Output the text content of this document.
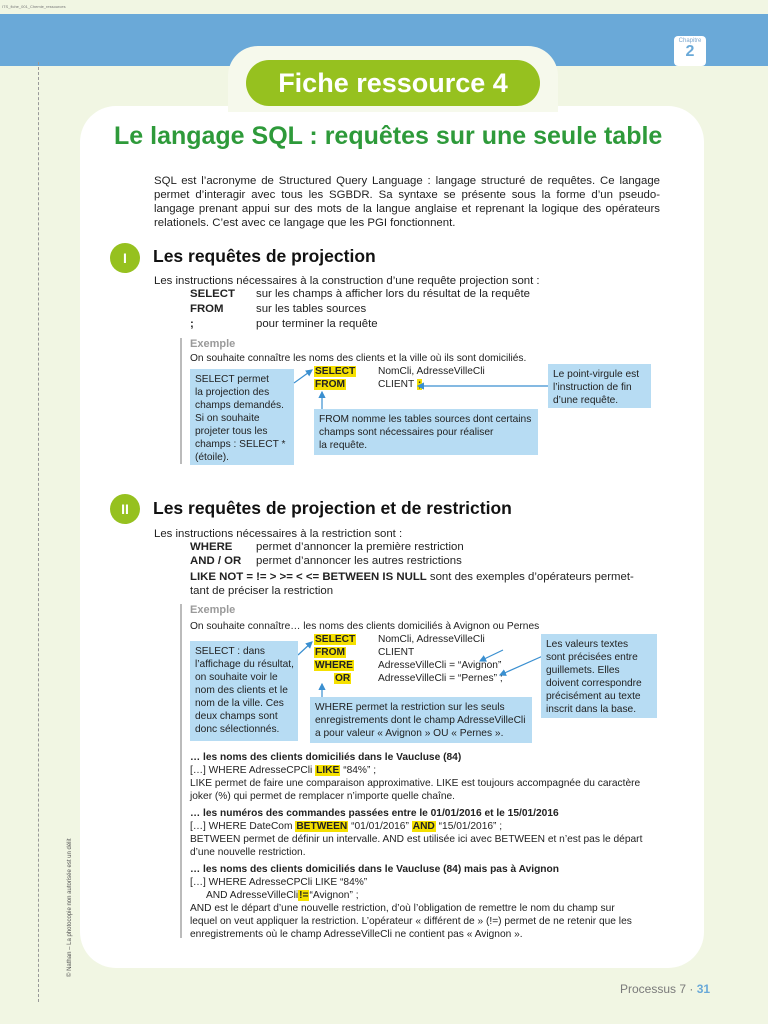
ITS_fiche_001_Chemie_ressources
Chapitre
2
© Nathan – La photocopie non autorisée est un délit
Fiche ressource 4
Le langage SQL : requêtes sur une seule table
SQL est l’acronyme de Structured Query Language : langage structuré de requêtes. Ce langage permet d’interagir avec tous les SGBDR. Sa syntaxe se présente sous la forme d’un pseudo-langage prenant appui sur des mots de la langue anglaise et reprenant la logique des opérateurs relationels. C’est avec ce langage que les PGI fonctionnent.
I	Les requêtes de projection
Les instructions nécessaires à la construction d’une requête projection sont :
SELECT sur les champs à afficher lors du résultat de la requête
FROM	sur les tables sources
;	pour terminer la requête
Exemple
On souhaite connaître les noms des clients et la ville où ils sont domiciliés.
SELECT NomCli, AdresseVilleCli
FROM	CLIENT ;
SELECT permet
la projection des
champs demandés.
Si on souhaite
projeter tous les
champs : SELECT *
(étoile).
FROM nomme les tables sources dont certains
champs sont nécessaires pour réaliser
la requête.
Le point-virgule est
l’instruction de fin
d’une requête.
II	Les requêtes de projection et de restriction
Les instructions nécessaires à la restriction sont :
WHERE permet d’annoncer la première restriction
AND / OR permet d’annoncer les autres restrictions
LIKE NOT = != > >= < <= BETWEEN IS NULL sont des exemples d’opérateurs permet-
tant de préciser la restriction
Exemple
On souhaite connaître… les noms des clients domiciliés à Avignon ou Pernes
SELECT NomCli, AdresseVilleCli
FROM	CLIENT
WHERE AdresseVilleCli = “Avignon”
OR	AdresseVilleCli = “Pernes” ;
SELECT : dans
l’affichage du résultat,
on souhaite voir le
nom des clients et le
nom de la ville. Ces
deux champs sont
donc sélectionnés.
WHERE permet la restriction sur les seuls
enregistrements dont le champ AdresseVilleCli
a pour valeur « Avignon » OU « Pernes ».
Les valeurs textes
sont précisées entre
guillemets. Elles
doivent correspondre
précisément au texte
inscrit dans la base.
… les noms des clients domiciliés dans le Vaucluse (84)
[…] WHERE AdresseCPCli LIKE “84%” ;
LIKE permet de faire une comparaison approximative. LIKE est toujours accompagnée du caractère
joker (%) qui permet de remplacer n’importe quelle chaîne.
… les numéros des commandes passées entre le 01/01/2016 et le 15/01/2016
[…] WHERE DateCom BETWEEN “01/01/2016” AND “15/01/2016” ;
BETWEEN permet de définir un intervalle. AND est utilisée ici avec BETWEEN et n’est pas le départ
d’une nouvelle restriction.
… les noms des clients domiciliés dans le Vaucluse (84) mais pas à Avignon
[…] WHERE AdresseCPCli LIKE “84%”
AND AdresseVilleCli!=“Avignon” ;
AND est le départ d’une nouvelle restriction, d’où l’obligation de remettre le nom du champ sur
lequel on veut appliquer la restriction. L’opérateur « différent de » (!=) permet de ne retenir que les
enregistrements où le champ AdresseVilleCli ne contient pas « Avignon ».
Processus 7 · 31
